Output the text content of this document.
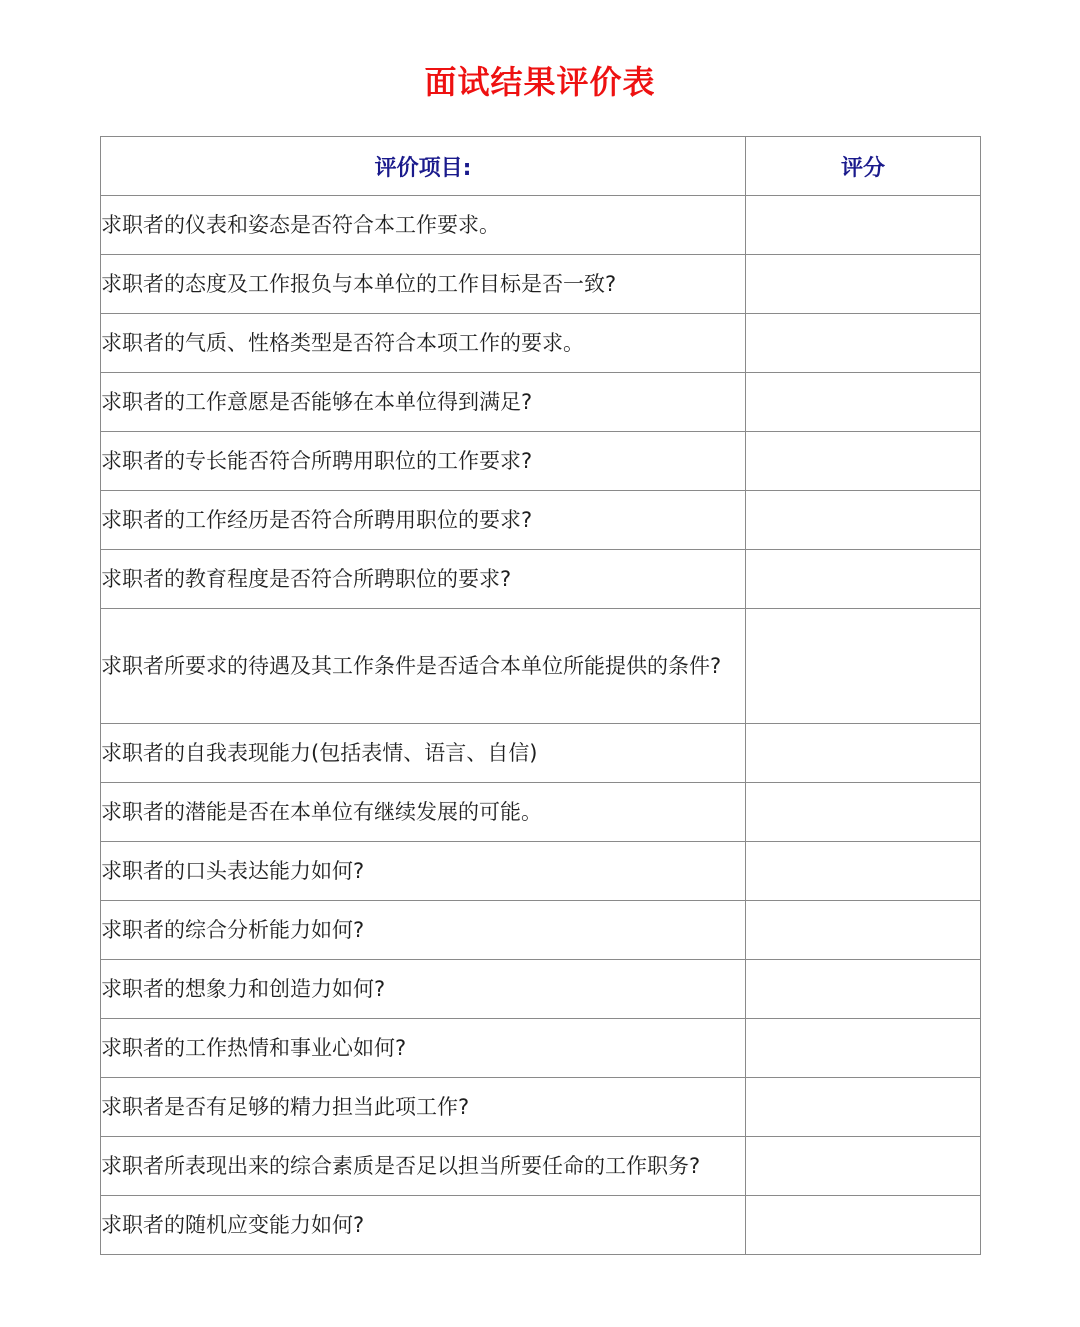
面试结果评价表
评价项目:	评分
求职者的仪表和姿态是否符合本工作要求。	
求职者的态度及工作报负与本单位的工作目标是否一致?	
求职者的气质、性格类型是否符合本项工作的要求。	
求职者的工作意愿是否能够在本单位得到满足?	
求职者的专长能否符合所聘用职位的工作要求?	
求职者的工作经历是否符合所聘用职位的要求?	
求职者的教育程度是否符合所聘职位的要求?	
求职者所要求的待遇及其工作条件是否适合本单位所能提供的条件?	
求职者的自我表现能力(包括表情、语言、自信)	
求职者的潜能是否在本单位有继续发展的可能。	
求职者的口头表达能力如何?	
求职者的综合分析能力如何?	
求职者的想象力和创造力如何?	
求职者的工作热情和事业心如何?	
求职者是否有足够的精力担当此项工作?	
求职者所表现出来的综合素质是否足以担当所要任命的工作职务?	
求职者的随机应变能力如何?	
